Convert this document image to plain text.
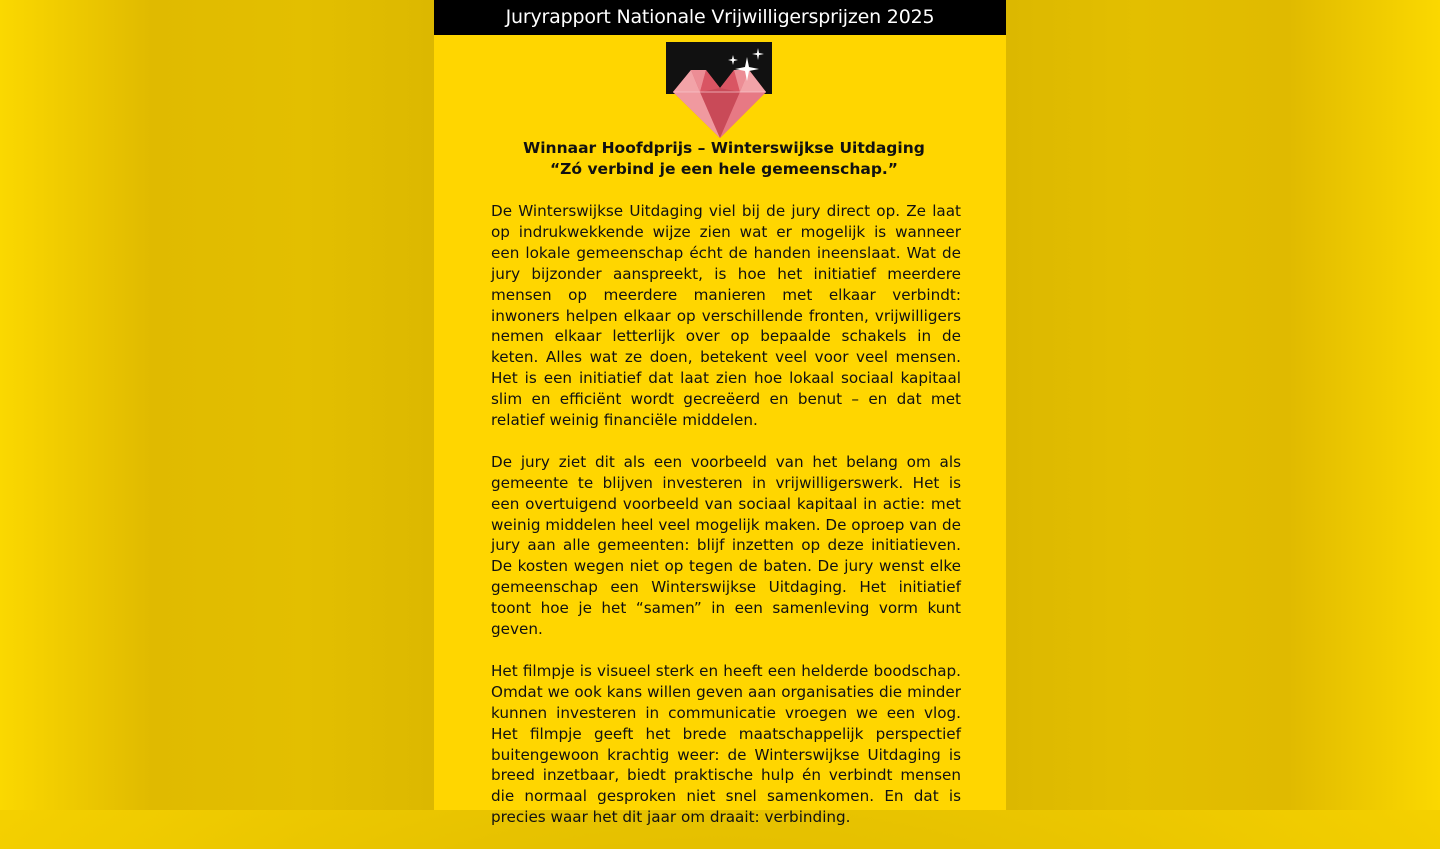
Juryrapport Nationale Vrijwilligersprijzen 2025
Winnaar Hoofdprijs – Winterswijkse Uitdaging
“Zó verbind je een hele gemeenschap.”

De Winterswijkse Uitdaging viel bij de jury direct op. Ze laat op indrukwekkende wijze zien wat er mogelijk is wanneer een lokale gemeenschap écht de handen ineenslaat. Wat de jury bijzonder aanspreekt, is hoe het initiatief meerdere mensen op meerdere manieren met elkaar verbindt: inwoners helpen elkaar op verschillende fronten, vrijwilligers nemen elkaar letterlijk over op bepaalde schakels in de keten. Alles wat ze doen, betekent veel voor veel mensen. Het is een initiatief dat laat zien hoe lokaal sociaal kapitaal slim en efficiënt wordt gecreëerd en benut – en dat met relatief weinig financiële middelen.

De jury ziet dit als een voorbeeld van het belang om als gemeente te blijven investeren in vrijwilligerswerk. Het is een overtuigend voorbeeld van sociaal kapitaal in actie: met weinig middelen heel veel mogelijk maken. De oproep van de jury aan alle gemeenten: blijf inzetten op deze initiatieven. De kosten wegen niet op tegen de baten. De jury wenst elke gemeenschap een Winterswijkse Uitdaging. Het initiatief toont hoe je het “samen” in een samenleving vorm kunt geven.

Het filmpje is visueel sterk en heeft een helderde boodschap. Omdat we ook kans willen geven aan organisaties die minder kunnen investeren in communicatie vroegen we een vlog. Het filmpje geeft het brede maatschappelijk perspectief buitengewoon krachtig weer: de Winterswijkse Uitdaging is breed inzetbaar, biedt praktische hulp én verbindt mensen die normaal gesproken niet snel samenkomen. En dat is precies waar het dit jaar om draait: verbinding.
